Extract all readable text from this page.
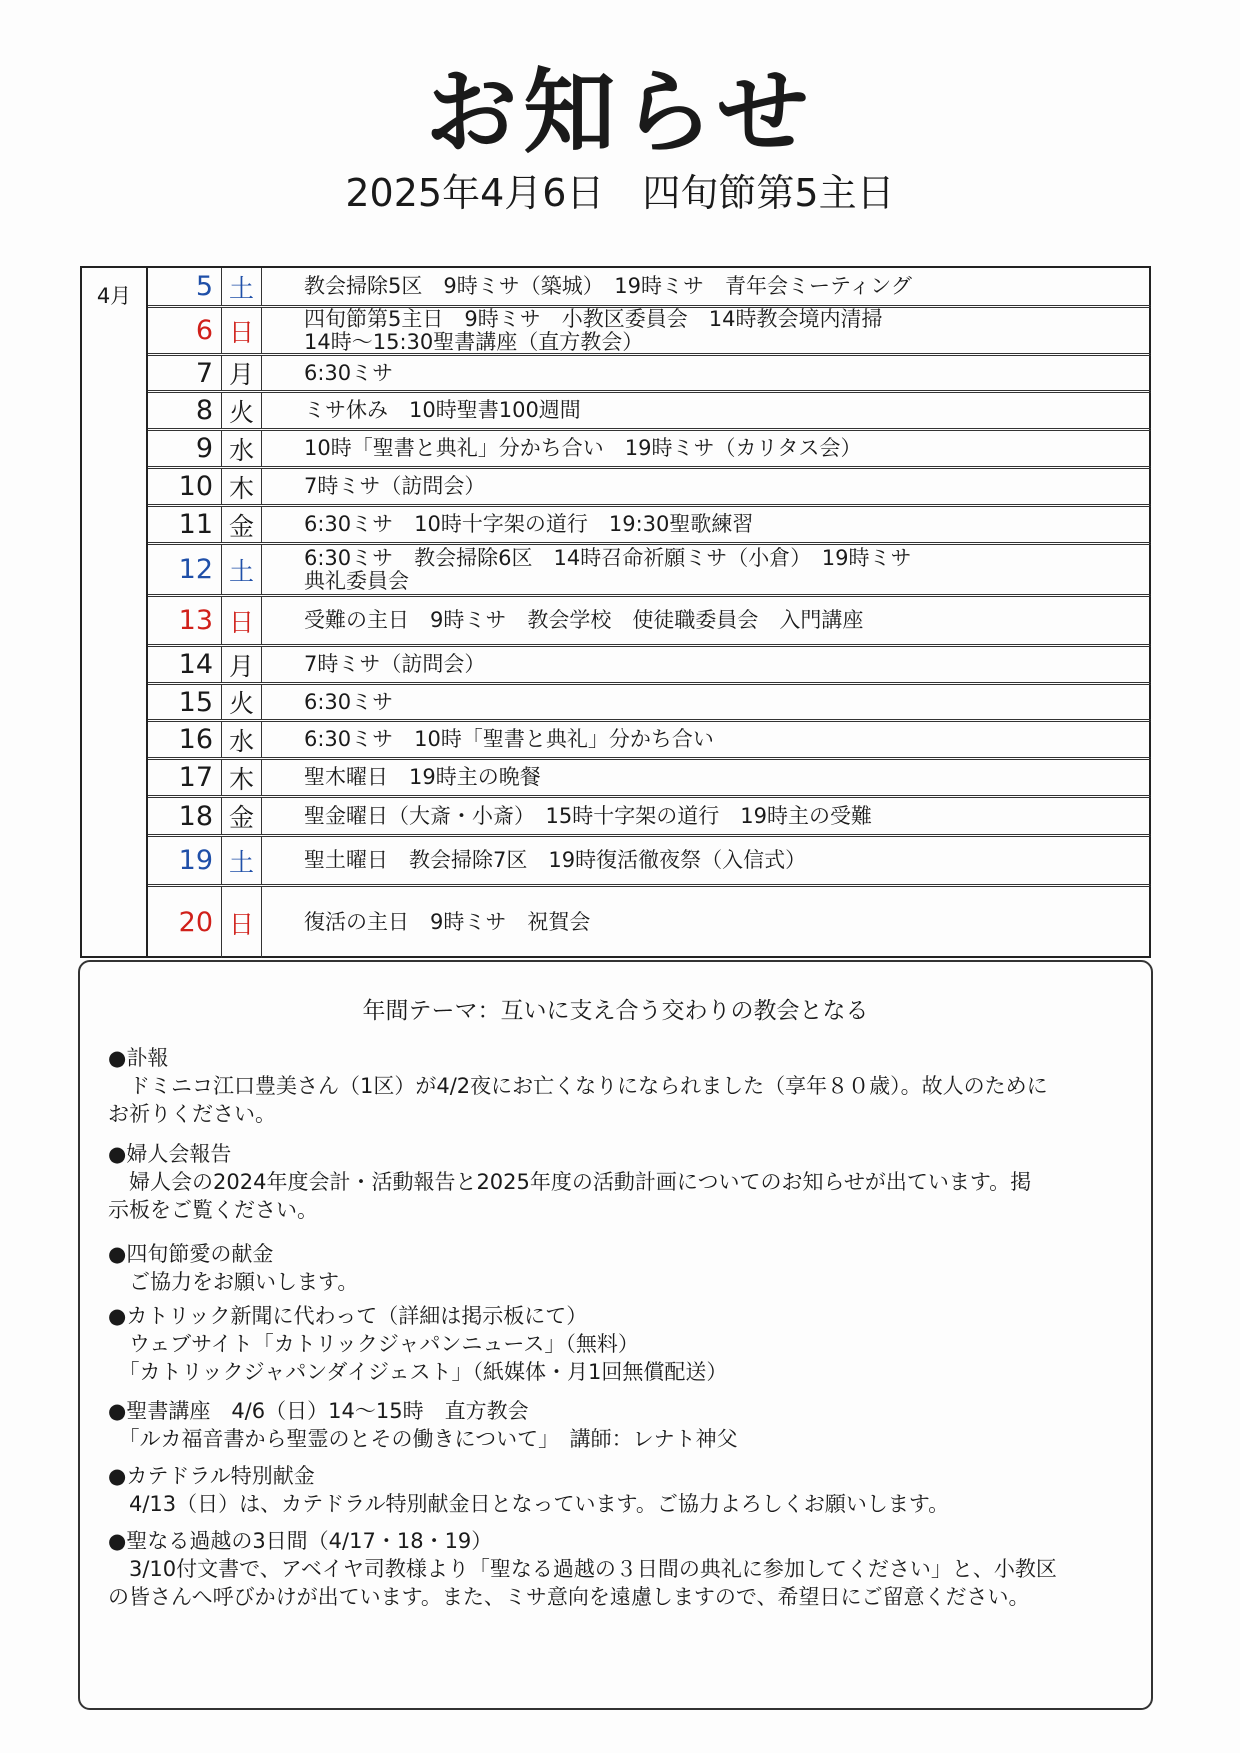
お知らせ
2025年4月6日　四旬節第5主日
4月	5 土	教会掃除5区　9時ミサ（築城）　19時ミサ　青年会ミーティング
6 日	四旬節第5主日　9時ミサ　小教区委員会　14時教会境内清掃
14時～15:30聖書講座（直方教会）
7 月	6:30ミサ
8 火	ミサ休み　10時聖書100週間
9 水	10時「聖書と典礼」分かち合い　19時ミサ（カリタス会）
10 木	7時ミサ（訪問会）
11 金	6:30ミサ　10時十字架の道行　19:30聖歌練習
12 土	6:30ミサ　教会掃除6区　14時召命祈願ミサ（小倉）　19時ミサ
典礼委員会
13 日	受難の主日　9時ミサ　教会学校　使徒職委員会　入門講座
14 月	7時ミサ（訪問会）
15 火	6:30ミサ
16 水	6:30ミサ　10時「聖書と典礼」分かち合い
17 木	聖木曜日　19時主の晩餐
18 金	聖金曜日（大斎・小斎）　15時十字架の道行　19時主の受難
19 土	聖土曜日　教会掃除7区　19時復活徹夜祭（入信式）
20 日	復活の主日　9時ミサ　祝賀会
年間テーマ：互いに支え合う交わりの教会となる
●訃報
　ドミニコ江口豊美さん（1区）が4/2夜にお亡くなりになられました（享年８０歳）。故人のために
お祈りください。
●婦人会報告
　婦人会の2024年度会計・活動報告と2025年度の活動計画についてのお知らせが出ています。掲
示板をご覧ください。
●四旬節愛の献金
　ご協力をお願いします。
●カトリック新聞に代わって（詳細は掲示板にて）
　ウェブサイト「カトリックジャパンニュース」（無料）
　「カトリックジャパンダイジェスト」（紙媒体・月1回無償配送）
●聖書講座　4/6（日）14～15時　直方教会
　「ルカ福音書から聖霊のとその働きについて」　講師：レナト神父
●カテドラル特別献金
　4/13（日）は、カテドラル特別献金日となっています。ご協力よろしくお願いします。
●聖なる過越の3日間（4/17・18・19）
　3/10付文書で、アベイヤ司教様より「聖なる過越の３日間の典礼に参加してください」と、小教区
の皆さんへ呼びかけが出ています。また、ミサ意向を遠慮しますので、希望日にご留意ください。
